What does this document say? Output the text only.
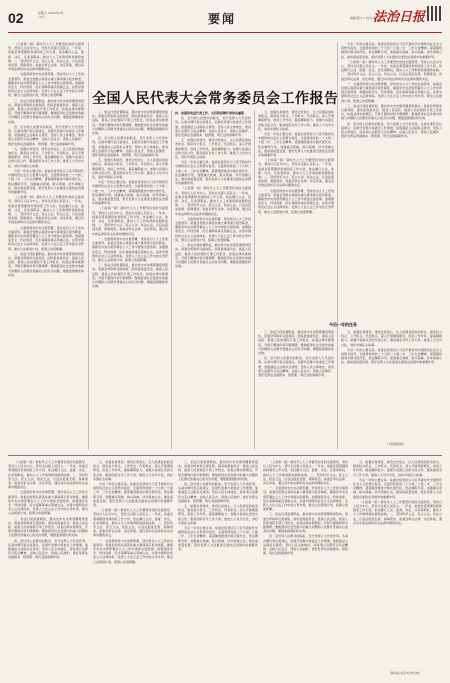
02	星期六 2025年3月15日	要闻	编辑:陈×× 校对:李××
法治日报
全国人民代表大会常务委员会工作报告

（上接第一版）新时代人大工作要坚持党的全面领导，坚持以人民为中心，坚持全过程人民民主。一年来，常委会紧紧围绕党和国家工作大局，依法履行立法、监督、决定、任免等职权，推动人大工作取得新进展新成效。二、坚持科学立法、民主立法、依法立法，以良法促进发展、保障善治。常委会审议法律、决定草案，通过其中的法律和有关法律问题的决定。

一、全面贯彻党中央决策部署，坚持党对人大工作的全面领导。常委会党组认真落实重大事项请示报告制度，确保党中央决策部署在人大工作中得到全面贯彻。加强国家安全、科技创新、民生保障等重点领域立法，完善中国特色社会主义法律体系。发挥人大在立法工作中的主导作用，健全立法规划计划，统筹立改废释纂。

三、依法行使监督职权，推动党中央决策部署贯彻落实。常委会听取审议国务院、国家监察委员会、最高人民法院、最高人民检察院专项工作报告，检查法律实施情况，开展专题询问和专题调研。聚焦经济社会发展中的重大问题和人民群众普遍关心的突出问题，增强监督刚性和实效。

四、密切同人民群众的联系，充分发挥人大代表作用。认真办理代表议案建议，拓展代表参与常委会工作渠道，加强基层立法联系点建设。坚持人民主体地位，使各项立法都符合宪法精神、反映人民意志、得到人民拥护，更好发挥法治固根本、稳预期、利长远的保障作用。

五、加强自身建设，建设让党放心、让人民满意的政治机关、国家权力机关、工作机关、代表机关。深入开展调查研究，改进工作作风，提高履职能力。加强与各国议会的交流合作，服务国家对外工作大局。推进人大对外交往，讲好中国民主故事。

今后一年的主要任务。常委会将坚持以习近平新时代中国特色社会主义思想为指导，全面贯彻党的二十大和二十届二中、三中全会精神，紧紧围绕推进中国式现代化，依法履职尽责，加强重点领域、新兴领域、涉外领域立法，推动高质量发展，更好发挥人大在推进全面依法治国中的重要作用。

（上接第一版）新时代人大工作要坚持党的全面领导，坚持以人民为中心，坚持全过程人民民主。一年来，常委会紧紧围绕党和国家工作大局，依法履行立法、监督、决定、任免等职权，推动人大工作取得新进展新成效。二、坚持科学立法、民主立法、依法立法，以良法促进发展、保障善治。常委会审议法律、决定草案，通过其中的法律和有关法律问题的决定。

一、全面贯彻党中央决策部署，坚持党对人大工作的全面领导。常委会党组认真落实重大事项请示报告制度，确保党中央决策部署在人大工作中得到全面贯彻。加强国家安全、科技创新、民生保障等重点领域立法，完善中国特色社会主义法律体系。发挥人大在立法工作中的主导作用，健全立法规划计划，统筹立改废释纂。

三、依法行使监督职权，推动党中央决策部署贯彻落实。常委会听取审议国务院、国家监察委员会、最高人民法院、最高人民检察院专项工作报告，检查法律实施情况，开展专题询问和专题调研。聚焦经济社会发展中的重大问题和人民群众普遍关心的突出问题，增强监督刚性和实效。

三、依法行使监督职权，推动党中央决策部署贯彻落实。常委会听取审议国务院、国家监察委员会、最高人民法院、最高人民检察院专项工作报告，检查法律实施情况，开展专题询问和专题调研。聚焦经济社会发展中的重大问题和人民群众普遍关心的突出问题，增强监督刚性和实效。

四、密切同人民群众的联系，充分发挥人大代表作用。认真办理代表议案建议，拓展代表参与常委会工作渠道，加强基层立法联系点建设。坚持人民主体地位，使各项立法都符合宪法精神、反映人民意志、得到人民拥护，更好发挥法治固根本、稳预期、利长远的保障作用。

五、加强自身建设，建设让党放心、让人民满意的政治机关、国家权力机关、工作机关、代表机关。深入开展调查研究，改进工作作风，提高履职能力。加强与各国议会的交流合作，服务国家对外工作大局。推进人大对外交往，讲好中国民主故事。

今后一年的主要任务。常委会将坚持以习近平新时代中国特色社会主义思想为指导，全面贯彻党的二十大和二十届二中、三中全会精神，紧紧围绕推进中国式现代化，依法履职尽责，加强重点领域、新兴领域、涉外领域立法，推动高质量发展，更好发挥人大在推进全面依法治国中的重要作用。

（上接第一版）新时代人大工作要坚持党的全面领导，坚持以人民为中心，坚持全过程人民民主。一年来，常委会紧紧围绕党和国家工作大局，依法履行立法、监督、决定、任免等职权，推动人大工作取得新进展新成效。二、坚持科学立法、民主立法、依法立法，以良法促进发展、保障善治。常委会审议法律、决定草案，通过其中的法律和有关法律问题的决定。

一、全面贯彻党中央决策部署，坚持党对人大工作的全面领导。常委会党组认真落实重大事项请示报告制度，确保党中央决策部署在人大工作中得到全面贯彻。加强国家安全、科技创新、民生保障等重点领域立法，完善中国特色社会主义法律体系。发挥人大在立法工作中的主导作用，健全立法规划计划，统筹立改废释纂。

三、依法行使监督职权，推动党中央决策部署贯彻落实。常委会听取审议国务院、国家监察委员会、最高人民法院、最高人民检察院专项工作报告，检查法律实施情况，开展专题询问和专题调研。聚焦经济社会发展中的重大问题和人民群众普遍关心的突出问题，增强监督刚性和实效。

四、加强和改进代表工作，支持和保障代表依法履职

四、密切同人民群众的联系，充分发挥人大代表作用。认真办理代表议案建议，拓展代表参与常委会工作渠道，加强基层立法联系点建设。坚持人民主体地位，使各项立法都符合宪法精神、反映人民意志、得到人民拥护，更好发挥法治固根本、稳预期、利长远的保障作用。

五、加强自身建设，建设让党放心、让人民满意的政治机关、国家权力机关、工作机关、代表机关。深入开展调查研究，改进工作作风，提高履职能力。加强与各国议会的交流合作，服务国家对外工作大局。推进人大对外交往，讲好中国民主故事。

今后一年的主要任务。常委会将坚持以习近平新时代中国特色社会主义思想为指导，全面贯彻党的二十大和二十届二中、三中全会精神，紧紧围绕推进中国式现代化，依法履职尽责，加强重点领域、新兴领域、涉外领域立法，推动高质量发展，更好发挥人大在推进全面依法治国中的重要作用。

（上接第一版）新时代人大工作要坚持党的全面领导，坚持以人民为中心，坚持全过程人民民主。一年来，常委会紧紧围绕党和国家工作大局，依法履行立法、监督、决定、任免等职权，推动人大工作取得新进展新成效。二、坚持科学立法、民主立法、依法立法，以良法促进发展、保障善治。常委会审议法律、决定草案，通过其中的法律和有关法律问题的决定。

一、全面贯彻党中央决策部署，坚持党对人大工作的全面领导。常委会党组认真落实重大事项请示报告制度，确保党中央决策部署在人大工作中得到全面贯彻。加强国家安全、科技创新、民生保障等重点领域立法，完善中国特色社会主义法律体系。发挥人大在立法工作中的主导作用，健全立法规划计划，统筹立改废释纂。

三、依法行使监督职权，推动党中央决策部署贯彻落实。常委会听取审议国务院、国家监察委员会、最高人民法院、最高人民检察院专项工作报告，检查法律实施情况，开展专题询问和专题调研。聚焦经济社会发展中的重大问题和人民群众普遍关心的突出问题，增强监督刚性和实效。

五、加强自身建设，建设让党放心、让人民满意的政治机关、国家权力机关、工作机关、代表机关。深入开展调查研究，改进工作作风，提高履职能力。加强与各国议会的交流合作，服务国家对外工作大局。推进人大对外交往，讲好中国民主故事。

今后一年的主要任务。常委会将坚持以习近平新时代中国特色社会主义思想为指导，全面贯彻党的二十大和二十届二中、三中全会精神，紧紧围绕推进中国式现代化，依法履职尽责，加强重点领域、新兴领域、涉外领域立法，推动高质量发展，更好发挥人大在推进全面依法治国中的重要作用。

（上接第一版）新时代人大工作要坚持党的全面领导，坚持以人民为中心，坚持全过程人民民主。一年来，常委会紧紧围绕党和国家工作大局，依法履行立法、监督、决定、任免等职权，推动人大工作取得新进展新成效。二、坚持科学立法、民主立法、依法立法，以良法促进发展、保障善治。常委会审议法律、决定草案，通过其中的法律和有关法律问题的决定。

一、全面贯彻党中央决策部署，坚持党对人大工作的全面领导。常委会党组认真落实重大事项请示报告制度，确保党中央决策部署在人大工作中得到全面贯彻。加强国家安全、科技创新、民生保障等重点领域立法，完善中国特色社会主义法律体系。发挥人大在立法工作中的主导作用，健全立法规划计划，统筹立改废释纂。

今后一年的主要任务。常委会将坚持以习近平新时代中国特色社会主义思想为指导，全面贯彻党的二十大和二十届二中、三中全会精神，紧紧围绕推进中国式现代化，依法履职尽责，加强重点领域、新兴领域、涉外领域立法，推动高质量发展，更好发挥人大在推进全面依法治国中的重要作用。

（上接第一版）新时代人大工作要坚持党的全面领导，坚持以人民为中心，坚持全过程人民民主。一年来，常委会紧紧围绕党和国家工作大局，依法履行立法、监督、决定、任免等职权，推动人大工作取得新进展新成效。二、坚持科学立法、民主立法、依法立法，以良法促进发展、保障善治。常委会审议法律、决定草案，通过其中的法律和有关法律问题的决定。

一、全面贯彻党中央决策部署，坚持党对人大工作的全面领导。常委会党组认真落实重大事项请示报告制度，确保党中央决策部署在人大工作中得到全面贯彻。加强国家安全、科技创新、民生保障等重点领域立法，完善中国特色社会主义法律体系。发挥人大在立法工作中的主导作用，健全立法规划计划，统筹立改废释纂。

三、依法行使监督职权，推动党中央决策部署贯彻落实。常委会听取审议国务院、国家监察委员会、最高人民法院、最高人民检察院专项工作报告，检查法律实施情况，开展专题询问和专题调研。聚焦经济社会发展中的重大问题和人民群众普遍关心的突出问题，增强监督刚性和实效。

四、密切同人民群众的联系，充分发挥人大代表作用。认真办理代表议案建议，拓展代表参与常委会工作渠道，加强基层立法联系点建设。坚持人民主体地位，使各项立法都符合宪法精神、反映人民意志、得到人民拥护，更好发挥法治固根本、稳预期、利长远的保障作用。

今后一年的任务

三、依法行使监督职权，推动党中央决策部署贯彻落实。常委会听取审议国务院、国家监察委员会、最高人民法院、最高人民检察院专项工作报告，检查法律实施情况，开展专题询问和专题调研。聚焦经济社会发展中的重大问题和人民群众普遍关心的突出问题，增强监督刚性和实效。

四、密切同人民群众的联系，充分发挥人大代表作用。认真办理代表议案建议，拓展代表参与常委会工作渠道，加强基层立法联系点建设。坚持人民主体地位，使各项立法都符合宪法精神、反映人民意志、得到人民拥护，更好发挥法治固根本、稳预期、利长远的保障作用。

五、加强自身建设，建设让党放心、让人民满意的政治机关、国家权力机关、工作机关、代表机关。深入开展调查研究，改进工作作风，提高履职能力。加强与各国议会的交流合作，服务国家对外工作大局。推进人大对外交往，讲好中国民主故事。

今后一年的主要任务。常委会将坚持以习近平新时代中国特色社会主义思想为指导，全面贯彻党的二十大和二十届二中、三中全会精神，紧紧围绕推进中国式现代化，依法履职尽责，加强重点领域、新兴领域、涉外领域立法，推动高质量发展，更好发挥人大在推进全面依法治国中的重要作用。

（下转第四版）

（上接第一版）新时代人大工作要坚持党的全面领导，坚持以人民为中心，坚持全过程人民民主。一年来，常委会紧紧围绕党和国家工作大局，依法履行立法、监督、决定、任免等职权，推动人大工作取得新进展新成效。二、坚持科学立法、民主立法、依法立法，以良法促进发展、保障善治。常委会审议法律、决定草案，通过其中的法律和有关法律问题的决定。

一、全面贯彻党中央决策部署，坚持党对人大工作的全面领导。常委会党组认真落实重大事项请示报告制度，确保党中央决策部署在人大工作中得到全面贯彻。加强国家安全、科技创新、民生保障等重点领域立法，完善中国特色社会主义法律体系。发挥人大在立法工作中的主导作用，健全立法规划计划，统筹立改废释纂。

三、依法行使监督职权，推动党中央决策部署贯彻落实。常委会听取审议国务院、国家监察委员会、最高人民法院、最高人民检察院专项工作报告，检查法律实施情况，开展专题询问和专题调研。聚焦经济社会发展中的重大问题和人民群众普遍关心的突出问题，增强监督刚性和实效。

四、密切同人民群众的联系，充分发挥人大代表作用。认真办理代表议案建议，拓展代表参与常委会工作渠道，加强基层立法联系点建设。坚持人民主体地位，使各项立法都符合宪法精神、反映人民意志、得到人民拥护，更好发挥法治固根本、稳预期、利长远的保障作用。

五、加强自身建设，建设让党放心、让人民满意的政治机关、国家权力机关、工作机关、代表机关。深入开展调查研究，改进工作作风，提高履职能力。加强与各国议会的交流合作，服务国家对外工作大局。推进人大对外交往，讲好中国民主故事。

今后一年的主要任务。常委会将坚持以习近平新时代中国特色社会主义思想为指导，全面贯彻党的二十大和二十届二中、三中全会精神，紧紧围绕推进中国式现代化，依法履职尽责，加强重点领域、新兴领域、涉外领域立法，推动高质量发展，更好发挥人大在推进全面依法治国中的重要作用。

（上接第一版）新时代人大工作要坚持党的全面领导，坚持以人民为中心，坚持全过程人民民主。一年来，常委会紧紧围绕党和国家工作大局，依法履行立法、监督、决定、任免等职权，推动人大工作取得新进展新成效。二、坚持科学立法、民主立法、依法立法，以良法促进发展、保障善治。常委会审议法律、决定草案，通过其中的法律和有关法律问题的决定。

一、全面贯彻党中央决策部署，坚持党对人大工作的全面领导。常委会党组认真落实重大事项请示报告制度，确保党中央决策部署在人大工作中得到全面贯彻。加强国家安全、科技创新、民生保障等重点领域立法，完善中国特色社会主义法律体系。发挥人大在立法工作中的主导作用，健全立法规划计划，统筹立改废释纂。

三、依法行使监督职权，推动党中央决策部署贯彻落实。常委会听取审议国务院、国家监察委员会、最高人民法院、最高人民检察院专项工作报告，检查法律实施情况，开展专题询问和专题调研。聚焦经济社会发展中的重大问题和人民群众普遍关心的突出问题，增强监督刚性和实效。

四、密切同人民群众的联系，充分发挥人大代表作用。认真办理代表议案建议，拓展代表参与常委会工作渠道，加强基层立法联系点建设。坚持人民主体地位，使各项立法都符合宪法精神、反映人民意志、得到人民拥护，更好发挥法治固根本、稳预期、利长远的保障作用。

五、加强自身建设，建设让党放心、让人民满意的政治机关、国家权力机关、工作机关、代表机关。深入开展调查研究，改进工作作风，提高履职能力。加强与各国议会的交流合作，服务国家对外工作大局。推进人大对外交往，讲好中国民主故事。

今后一年的主要任务。常委会将坚持以习近平新时代中国特色社会主义思想为指导，全面贯彻党的二十大和二十届二中、三中全会精神，紧紧围绕推进中国式现代化，依法履职尽责，加强重点领域、新兴领域、涉外领域立法，推动高质量发展，更好发挥人大在推进全面依法治国中的重要作用。

（上接第一版）新时代人大工作要坚持党的全面领导，坚持以人民为中心，坚持全过程人民民主。一年来，常委会紧紧围绕党和国家工作大局，依法履行立法、监督、决定、任免等职权，推动人大工作取得新进展新成效。二、坚持科学立法、民主立法、依法立法，以良法促进发展、保障善治。常委会审议法律、决定草案，通过其中的法律和有关法律问题的决定。

一、全面贯彻党中央决策部署，坚持党对人大工作的全面领导。常委会党组认真落实重大事项请示报告制度，确保党中央决策部署在人大工作中得到全面贯彻。加强国家安全、科技创新、民生保障等重点领域立法，完善中国特色社会主义法律体系。发挥人大在立法工作中的主导作用，健全立法规划计划，统筹立改废释纂。

三、依法行使监督职权，推动党中央决策部署贯彻落实。常委会听取审议国务院、国家监察委员会、最高人民法院、最高人民检察院专项工作报告，检查法律实施情况，开展专题询问和专题调研。聚焦经济社会发展中的重大问题和人民群众普遍关心的突出问题，增强监督刚性和实效。

四、密切同人民群众的联系，充分发挥人大代表作用。认真办理代表议案建议，拓展代表参与常委会工作渠道，加强基层立法联系点建设。坚持人民主体地位，使各项立法都符合宪法精神、反映人民意志、得到人民拥护，更好发挥法治固根本、稳预期、利长远的保障作用。

五、加强自身建设，建设让党放心、让人民满意的政治机关、国家权力机关、工作机关、代表机关。深入开展调查研究，改进工作作风，提高履职能力。加强与各国议会的交流合作，服务国家对外工作大局。推进人大对外交往，讲好中国民主故事。

今后一年的主要任务。常委会将坚持以习近平新时代中国特色社会主义思想为指导，全面贯彻党的二十大和二十届二中、三中全会精神，紧紧围绕推进中国式现代化，依法履职尽责，加强重点领域、新兴领域、涉外领域立法，推动高质量发展，更好发挥人大在推进全面依法治国中的重要作用。

（上接第一版）新时代人大工作要坚持党的全面领导，坚持以人民为中心，坚持全过程人民民主。一年来，常委会紧紧围绕党和国家工作大局，依法履行立法、监督、决定、任免等职权，推动人大工作取得新进展新成效。二、坚持科学立法、民主立法、依法立法，以良法促进发展、保障善治。常委会审议法律、决定草案，通过其中的法律和有关法律问题的决定。

（新华社北京3月8日电）
